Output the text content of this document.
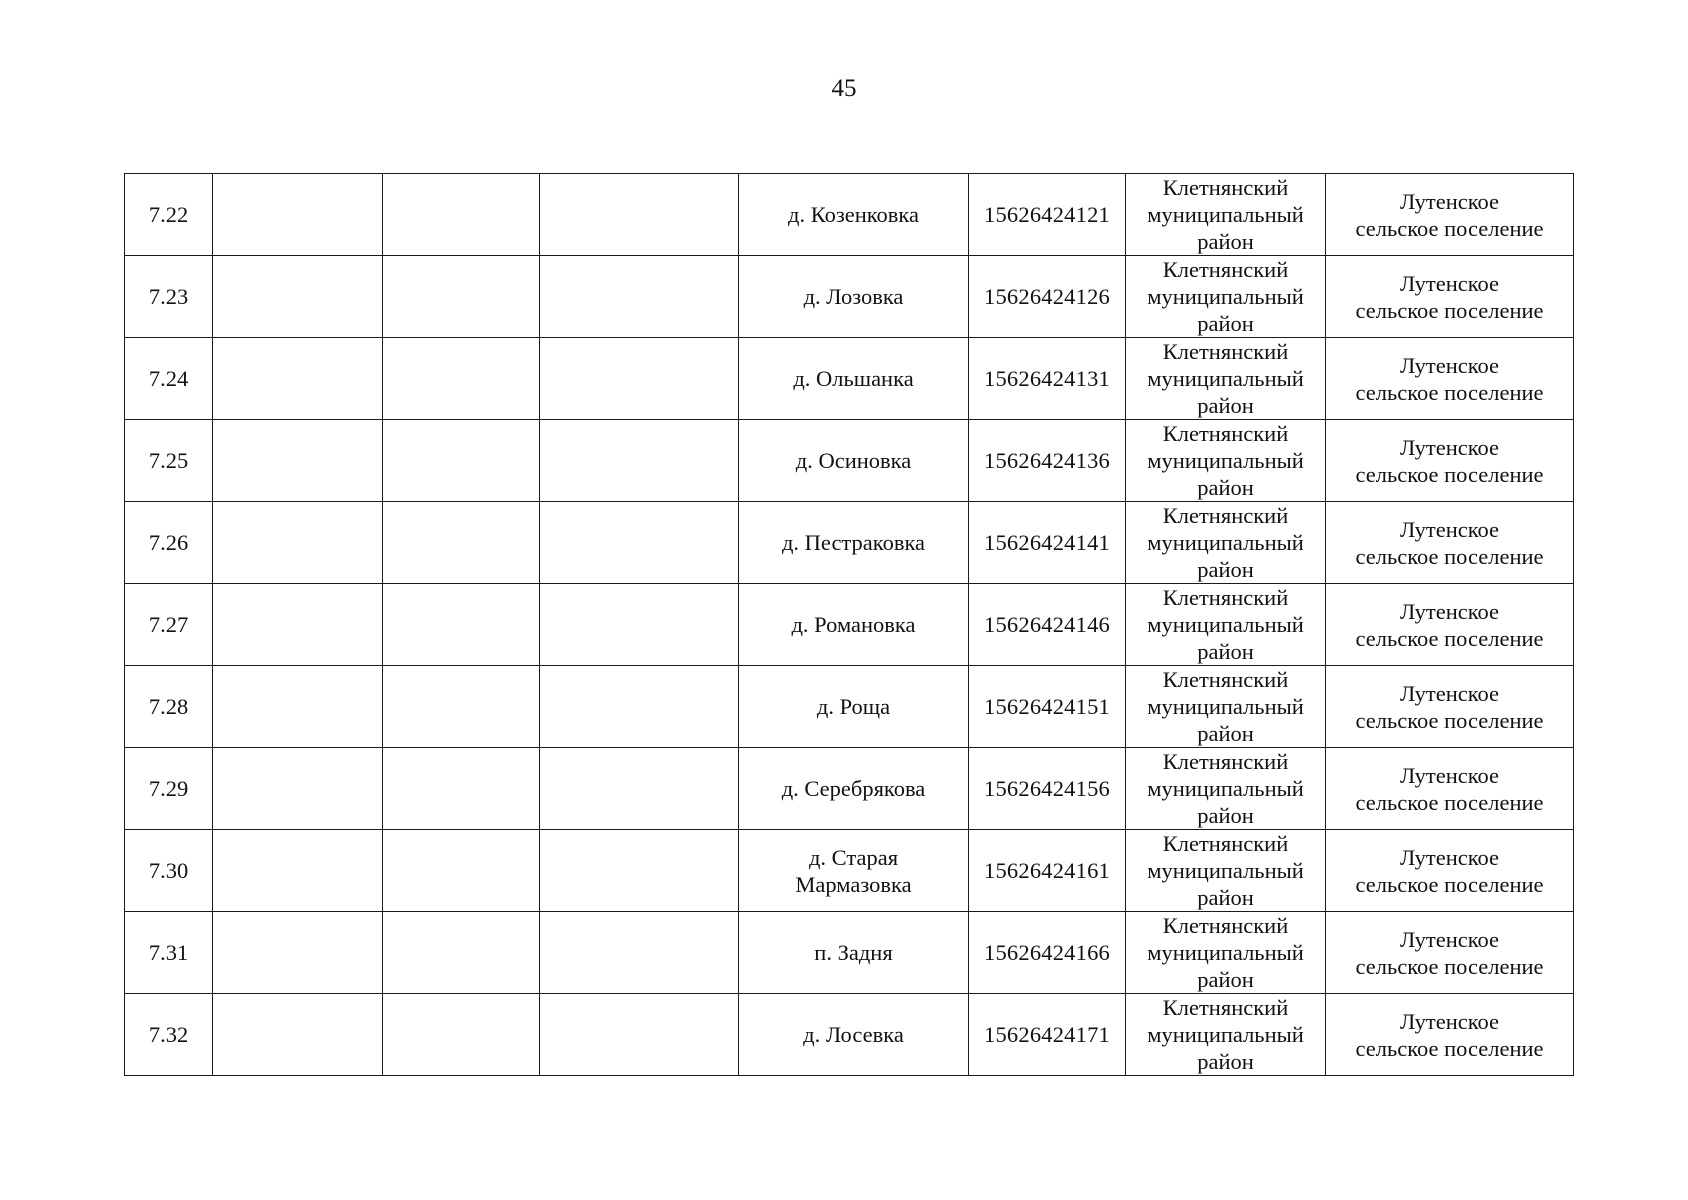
45
7.22				д. Козенковка	15626424121	Клетнянский
муниципальный
район	Лутенское
сельское поселение

7.23				д. Лозовка	15626424126	Клетнянский
муниципальный
район	Лутенское
сельское поселение

7.24				д. Ольшанка	15626424131	Клетнянский
муниципальный
район	Лутенское
сельское поселение

7.25				д. Осиновка	15626424136	Клетнянский
муниципальный
район	Лутенское
сельское поселение

7.26				д. Пестраковка	15626424141	Клетнянский
муниципальный
район	Лутенское
сельское поселение

7.27				д. Романовка	15626424146	Клетнянский
муниципальный
район	Лутенское
сельское поселение

7.28				д. Роща	15626424151	Клетнянский
муниципальный
район	Лутенское
сельское поселение

7.29				д. Серебрякова	15626424156	Клетнянский
муниципальный
район	Лутенское
сельское поселение

7.30				д. Старая
Мармазовка	15626424161	Клетнянский
муниципальный
район	Лутенское
сельское поселение

7.31				п. Задня	15626424166	Клетнянский
муниципальный
район	Лутенское
сельское поселение

7.32				д. Лосевка	15626424171	Клетнянский
муниципальный
район	Лутенское
сельское поселение
